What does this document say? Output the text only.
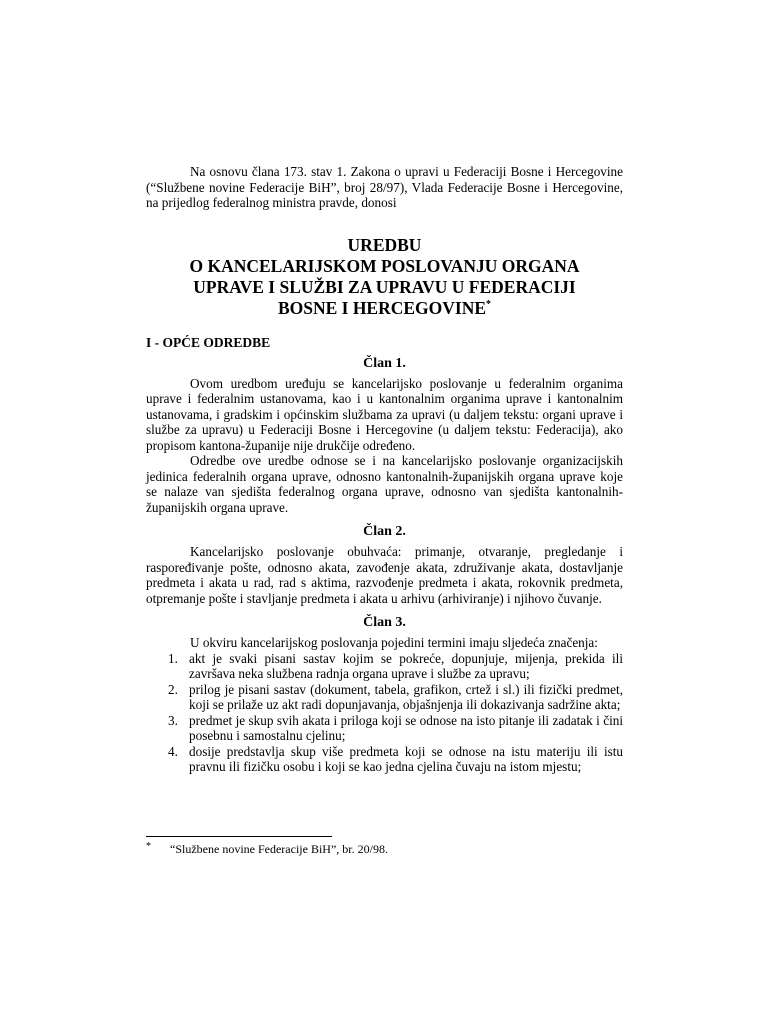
Na osnovu člana 173. stav 1. Zakona o upravi u Federaciji Bosne i Hercegovine (“Službene novine Federacije BiH”, broj 28/97), Vlada Federacije Bosne i Hercegovine, na prijedlog federalnog ministra pravde, donosi

UREDBU
O KANCELARIJSKOM POSLOVANJU ORGANA
UPRAVE I SLUŽBI ZA UPRAVU U FEDERACIJI
BOSNE I HERCEGOVINE*
I - OPĆE ODREDBE
Član 1.

Ovom uredbom uređuju se kancelarijsko poslovanje u federalnim organima uprave i federalnim ustanovama, kao i u kantonalnim organima uprave i kantonalnim ustanovama, i gradskim i općinskim službama za upravi (u daljem tekstu: organi uprave i službe za upravu) u Federaciji Bosne i Hercegovine (u daljem tekstu: Federacija), ako propisom kantona-županije nije drukčije određeno.

Odredbe ove uredbe odnose se i na kancelarijsko poslovanje organizacijskih jedinica federalnih organa uprave, odnosno kantonalnih-županijskih organa uprave koje se nalaze van sjedišta federalnog organa uprave, odnosno van sjedišta kantonalnih-županijskih organa uprave.

Član 2.

Kancelarijsko poslovanje obuhvaća: primanje, otvaranje, pregledanje i raspoređivanje pošte, odnosno akata, zavođenje akata, združivanje akata, dostavljanje predmeta i akata u rad, rad s aktima, razvođenje predmeta i akata, rokovnik predmeta, otpremanje pošte i stavljanje predmeta i akata u arhivu (arhiviranje) i njihovo čuvanje.

Član 3.

U okviru kancelarijskog poslovanja pojedini termini imaju sljedeća značenja:

1. akt je svaki pisani sastav kojim se pokreće, dopunjuje, mijenja, prekida ili završava neka službena radnja organa uprave i službe za upravu;
2. prilog je pisani sastav (dokument, tabela, grafikon, crtež i sl.) ili fizički predmet, koji se prilaže uz akt radi dopunjavanja, objašnjenja ili dokazivanja sadržine akta;
3. predmet je skup svih akata i priloga koji se odnose na isto pitanje ili zadatak i čini posebnu i samostalnu cjelinu;
4. dosije predstavlja skup više predmeta koji se odnose na istu materiju ili istu pravnu ili fizičku osobu i koji se kao jedna cjelina čuvaju na istom mjestu;
* “Službene novine Federacije BiH”, br. 20/98.
